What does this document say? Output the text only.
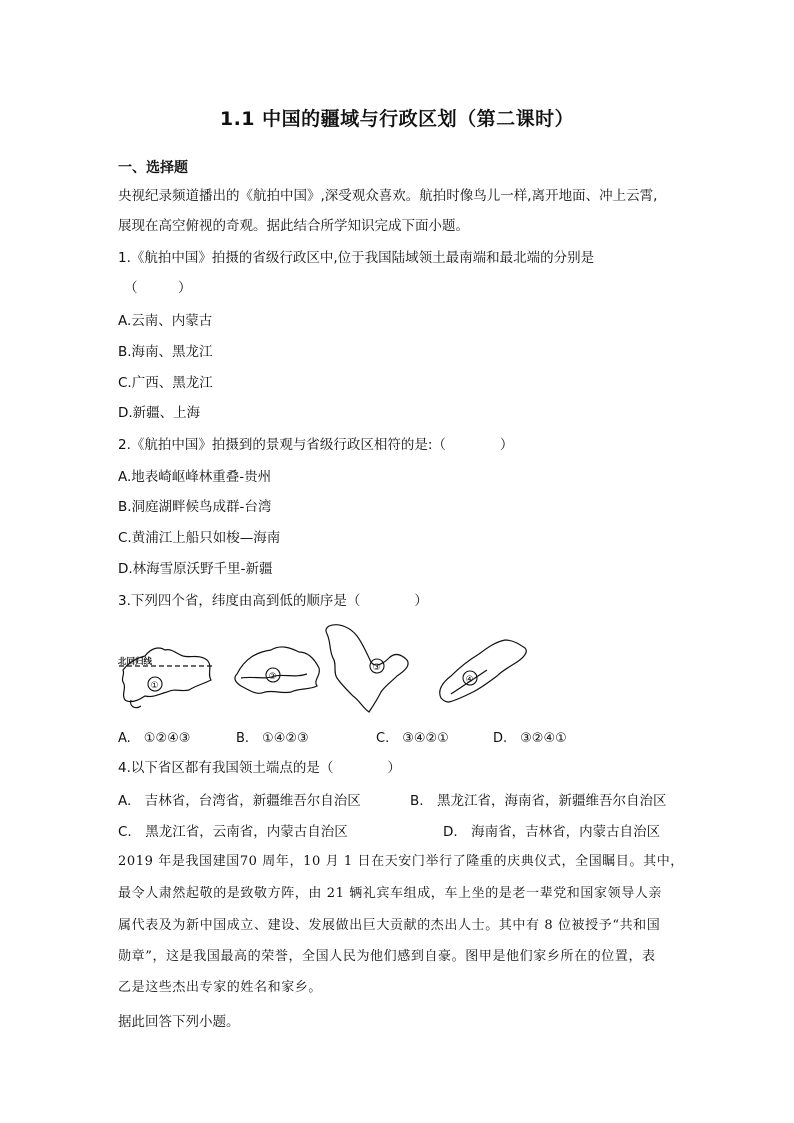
1.1 中国的疆域与行政区划（第二课时）
一、选择题
央视纪录频道播出的《航拍中国》,深受观众喜欢。航拍时像鸟儿一样,离开地面、冲上云霄,
展现在高空俯视的奇观。据此结合所学知识完成下面小题。
1.《航拍中国》拍摄的省级行政区中,位于我国陆域领土最南端和最北端的分别是
（　　　）
A.云南、内蒙古
B.海南、黑龙江
C.广西、黑龙江
D.新疆、上海
2.《航拍中国》拍摄到的景观与省级行政区相符的是:（　　　　）
A.地表崎岖峰林重叠-贵州
B.洞庭湖畔候鸟成群-台湾
C.黄浦江上船只如梭—海南
D.林海雪原沃野千里-新疆
3.下列四个省，纬度由高到低的顺序是（　　　　）
北回归线
①
②
③
④
A.　①②④③	B.　①④②③	C.　③④②①	D.　③②④①
4.以下省区都有我国领土端点的是（　　　　）
A.　吉林省，台湾省，新疆维吾尔自治区	B.　黑龙江省，海南省，新疆维吾尔自治区
C.　黑龙江省，云南省，内蒙古自治区	D.　海南省，吉林省，内蒙古自治区
2019 年是我国建国70 周年，10 月 1 日在天安门举行了隆重的庆典仪式，全国瞩目。其中，
最令人肃然起敬的是致敬方阵，由 21 辆礼宾车组成，车上坐的是老一辈党和国家领导人亲
属代表及为新中国成立、建设、发展做出巨大贡献的杰出人士。其中有 8 位被授予“共和国
勋章”，这是我国最高的荣誉，全国人民为他们感到自豪。图甲是他们家乡所在的位置，表
乙是这些杰出专家的姓名和家乡。
据此回答下列小题。
